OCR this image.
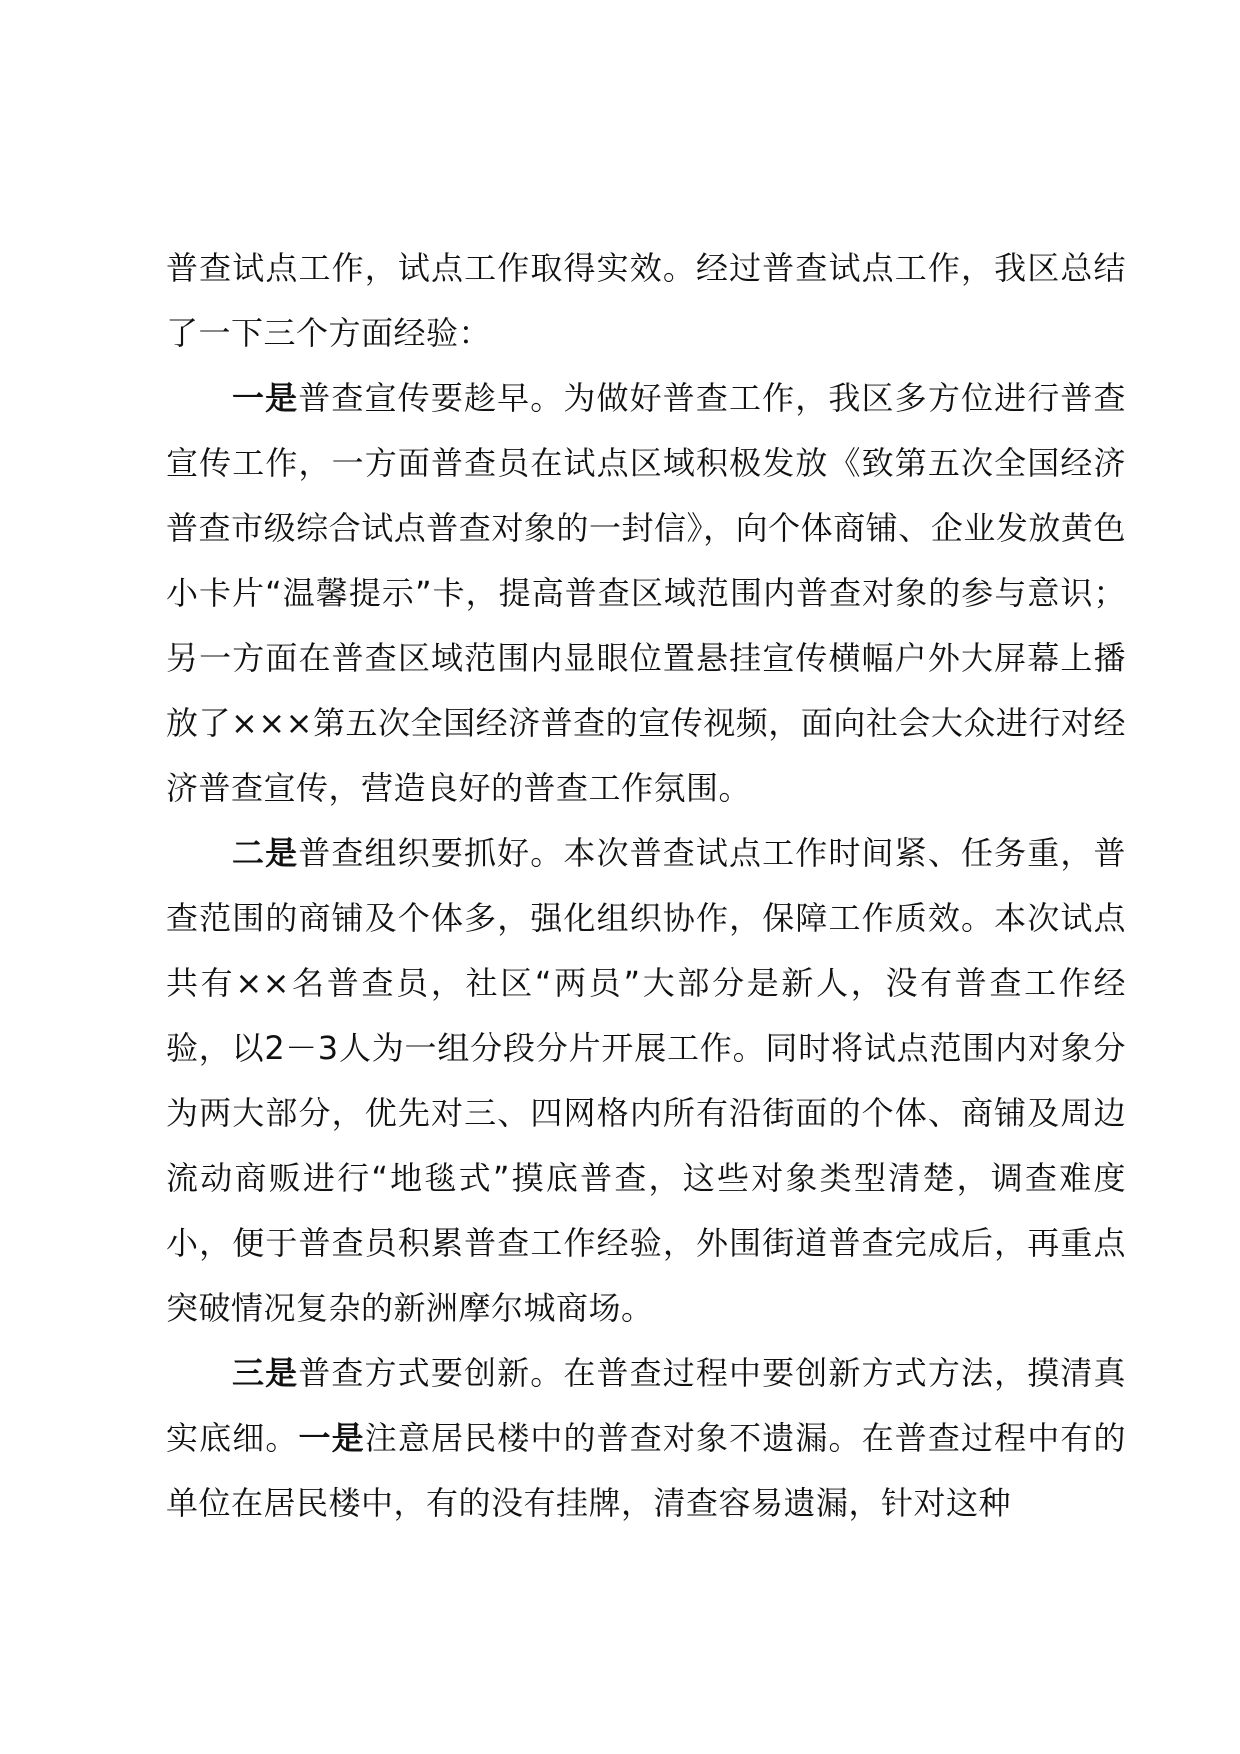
普查试点工作，试点工作取得实效。经过普查试点工作，我区总结了一下三个方面经验：

一是普查宣传要趁早。为做好普查工作，我区多方位进行普查宣传工作，一方面普查员在试点区域积极发放《致第五次全国经济普查市级综合试点普查对象的一封信》，向个体商铺、企业发放黄色小卡片“温馨提示”卡，提高普查区域范围内普查对象的参与意识；另一方面在普查区域范围内显眼位置悬挂宣传横幅户外大屏幕上播放了×××第五次全国经济普查的宣传视频，面向社会大众进行对经济普查宣传，营造良好的普查工作氛围。

二是普查组织要抓好。本次普查试点工作时间紧、任务重，普查范围的商铺及个体多，强化组织协作，保障工作质效。本次试点共有××名普查员，社区“两员”大部分是新人，没有普查工作经验，以2－3人为一组分段分片开展工作。同时将试点范围内对象分为两大部分，优先对三、四网格内所有沿街面的个体、商铺及周边流动商贩进行“地毯式”摸底普查，这些对象类型清楚，调查难度小，便于普查员积累普查工作经验，外围街道普查完成后，再重点突破情况复杂的新洲摩尔城商场。

三是普查方式要创新。在普查过程中要创新方式方法，摸清真实底细。一是注意居民楼中的普查对象不遗漏。在普查过程中有的单位在居民楼中，有的没有挂牌，清查容易遗漏，针对这种
